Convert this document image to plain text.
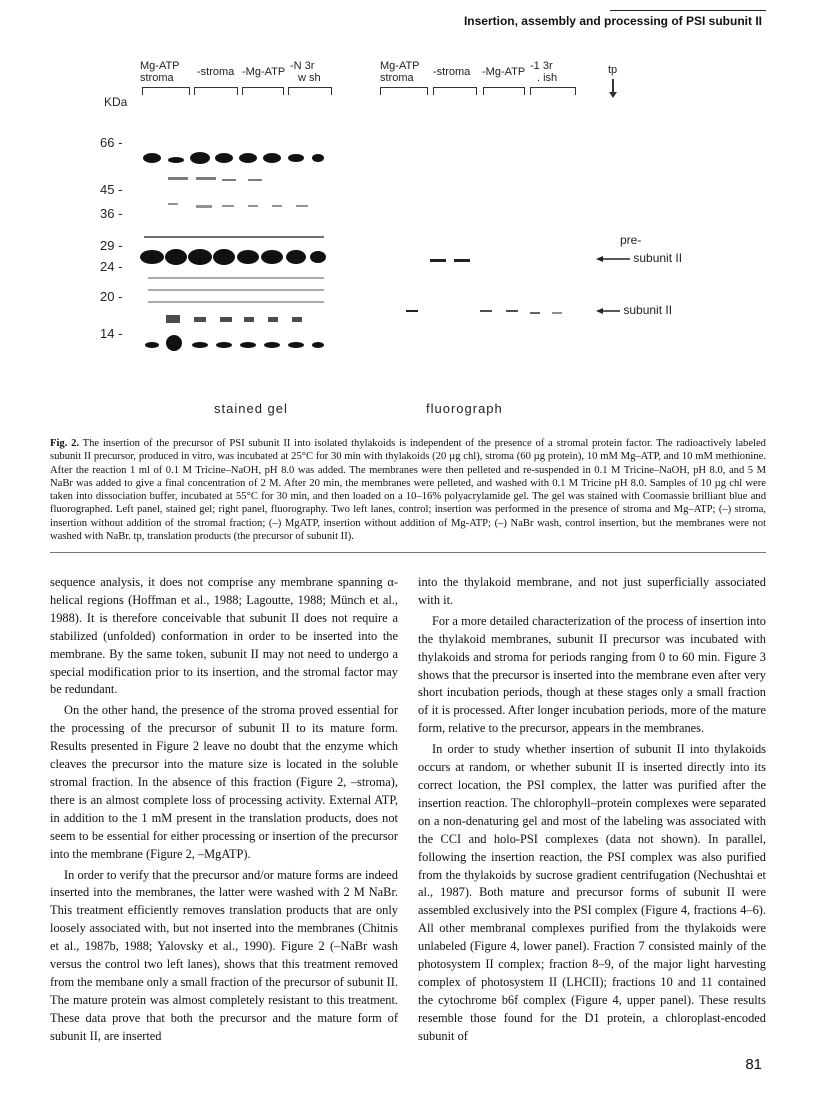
Insertion, assembly and processing of PSI subunit II
Mg-ATP
stroma -stroma -Mg-ATP -N 3r
w sh
Mg-ATP
stroma -stroma -Mg-ATP -1 3r
. ish
tp
KDa
66 -
45 -
36 -
29 -
24 -
20 -
14 -
pre-
subunit II
subunit II
stained gel	fluorograph
Fig. 2. The insertion of the precursor of PSI subunit II into isolated thylakoids is independent of the presence of a stromal protein factor. The radioactively labeled subunit II precursor, produced in vitro, was incubated at 25°C for 30 min with thylakoids (20 µg chl), stroma (60 µg protein), 10 mM Mg–ATP, and 10 mM methionine. After the reaction 1 ml of 0.1 M Tricine–NaOH, pH 8.0 was added. The membranes were then pelleted and re-suspended in 0.1 M Tricine–NaOH, pH 8.0, and 5 M NaBr was added to give a final concentration of 2 M. After 20 min, the membranes were pelleted, and washed with 0.1 M Tricine pH 8.0. Samples of 10 µg chl were taken into dissociation buffer, incubated at 55°C for 30 min, and then loaded on a 10–16% polyacrylamide gel. The gel was stained with Coomassie brilliant blue and fluorographed. Left panel, stained gel; right panel, fluorography. Two left lanes, control; insertion was performed in the presence of stroma and Mg–ATP; (–) stroma, insertion without addition of the stromal fraction; (–) MgATP, insertion without addition of Mg-ATP; (–) NaBr wash, control insertion, but the membranes were not washed with NaBr. tp, translation products (the precursor of subunit II).

sequence analysis, it does not comprise any membrane spanning α-helical regions (Hoffman et al., 1988; Lagoutte, 1988; Münch et al., 1988). It is therefore conceivable that subunit II does not require a stabilized (unfolded) conformation in order to be inserted into the membrane. By the same token, subunit II may not need to undergo a special modification prior to its insertion, and the stromal factor may be redundant.

On the other hand, the presence of the stroma proved essential for the processing of the precursor of subunit II to its mature form. Results presented in Figure 2 leave no doubt that the enzyme which cleaves the precursor into the mature size is located in the soluble stromal fraction. In the absence of this fraction (Figure 2, –stroma), there is an almost complete loss of processing activity. External ATP, in addition to the 1 mM present in the translation products, does not seem to be essential for either processing or insertion of the precursor into the membrane (Figure 2, –MgATP).

In order to verify that the precursor and/or mature forms are indeed inserted into the membranes, the latter were washed with 2 M NaBr. This treatment efficiently removes translation products that are only loosely associated with, but not inserted into the membranes (Chitnis et al., 1987b, 1988; Yalovsky et al., 1990). Figure 2 (–NaBr wash versus the control two left lanes), shows that this treatment removed from the membane only a small fraction of the precursor of subunit II. The mature protein was almost completely resistant to this treatment. These data prove that both the precursor and the mature form of subunit II, are inserted

into the thylakoid membrane, and not just superficially associated with it.

For a more detailed characterization of the process of insertion into the thylakoid membranes, subunit II precursor was incubated with thylakoids and stroma for periods ranging from 0 to 60 min. Figure 3 shows that the precursor is inserted into the membrane even after very short incubation periods, though at these stages only a small fraction of it is processed. After longer incubation periods, more of the mature form, relative to the precursor, appears in the membranes.

In order to study whether insertion of subunit II into thylakoids occurs at random, or whether subunit II is inserted directly into its correct location, the PSI complex, the latter was purified after the insertion reaction. The chlorophyll–protein complexes were separated on a non-denaturing gel and most of the labeling was associated with the CCI and holo-PSI complexes (data not shown). In parallel, following the insertion reaction, the PSI complex was also purified from the thylakoids by sucrose gradient centrifugation (Nechushtai et al., 1987). Both mature and precursor forms of subunit II were assembled exclusively into the PSI complex (Figure 4, fractions 4–6). All other membranal complexes purified from the thylakoids were unlabeled (Figure 4, lower panel). Fraction 7 consisted mainly of the photosystem II complex; fraction 8–9, of the major light harvesting complex of photosystem II (LHCII); fractions 10 and 11 contained the cytochrome b6f complex (Figure 4, upper panel). These results resemble those found for the D1 protein, a chloroplast-encoded subunit of

81
